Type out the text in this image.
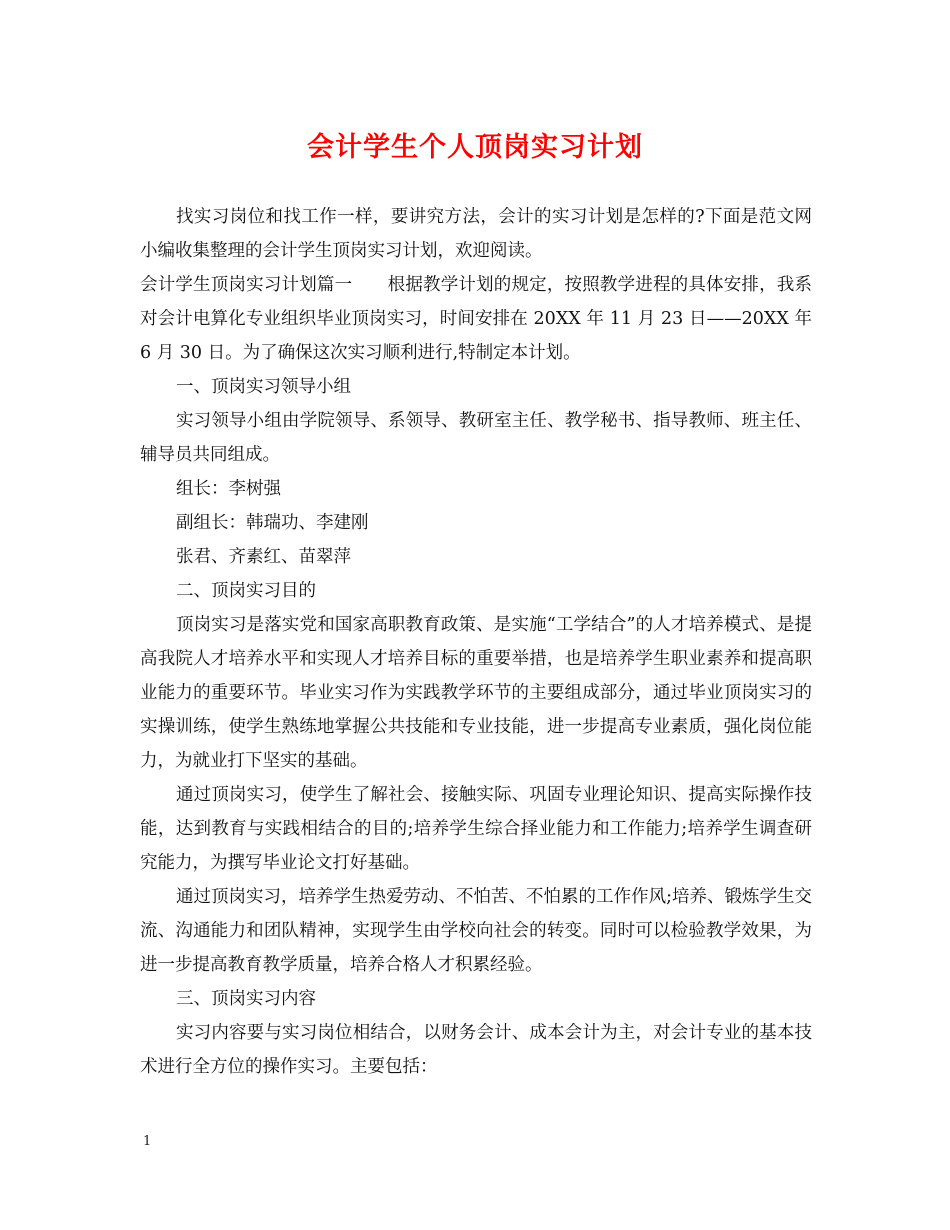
会计学生个人顶岗实习计划

找实习岗位和找工作一样，要讲究方法，会计的实习计划是怎样的?下面是范文网小编收集整理的会计学生顶岗实习计划，欢迎阅读。

会计学生顶岗实习计划篇一　　根据教学计划的规定，按照教学进程的具体安排，我系对会计电算化专业组织毕业顶岗实习，时间安排在 20XX 年 11 月 23 日——20XX 年 6 月 30 日。为了确保这次实习顺利进行,特制定本计划。

一、顶岗实习领导小组

实习领导小组由学院领导、系领导、教研室主任、教学秘书、指导教师、班主任、辅导员共同组成。

组长：李树强

副组长：韩瑞功、李建刚

张君、齐素红、苗翠萍

二、顶岗实习目的

顶岗实习是落实党和国家高职教育政策、是实施“工学结合”的人才培养模式、是提高我院人才培养水平和实现人才培养目标的重要举措，也是培养学生职业素养和提高职业能力的重要环节。毕业实习作为实践教学环节的主要组成部分，通过毕业顶岗实习的实操训练，使学生熟练地掌握公共技能和专业技能，进一步提高专业素质，强化岗位能力，为就业打下坚实的基础。

通过顶岗实习，使学生了解社会、接触实际、巩固专业理论知识、提高实际操作技能，达到教育与实践相结合的目的;培养学生综合择业能力和工作能力;培养学生调查研究能力，为撰写毕业论文打好基础。

通过顶岗实习，培养学生热爱劳动、不怕苦、不怕累的工作作风;培养、锻炼学生交流、沟通能力和团队精神，实现学生由学校向社会的转变。同时可以检验教学效果，为进一步提高教育教学质量，培养合格人才积累经验。

三、顶岗实习内容

实习内容要与实习岗位相结合，以财务会计、成本会计为主，对会计专业的基本技术进行全方位的操作实习。主要包括：

1
